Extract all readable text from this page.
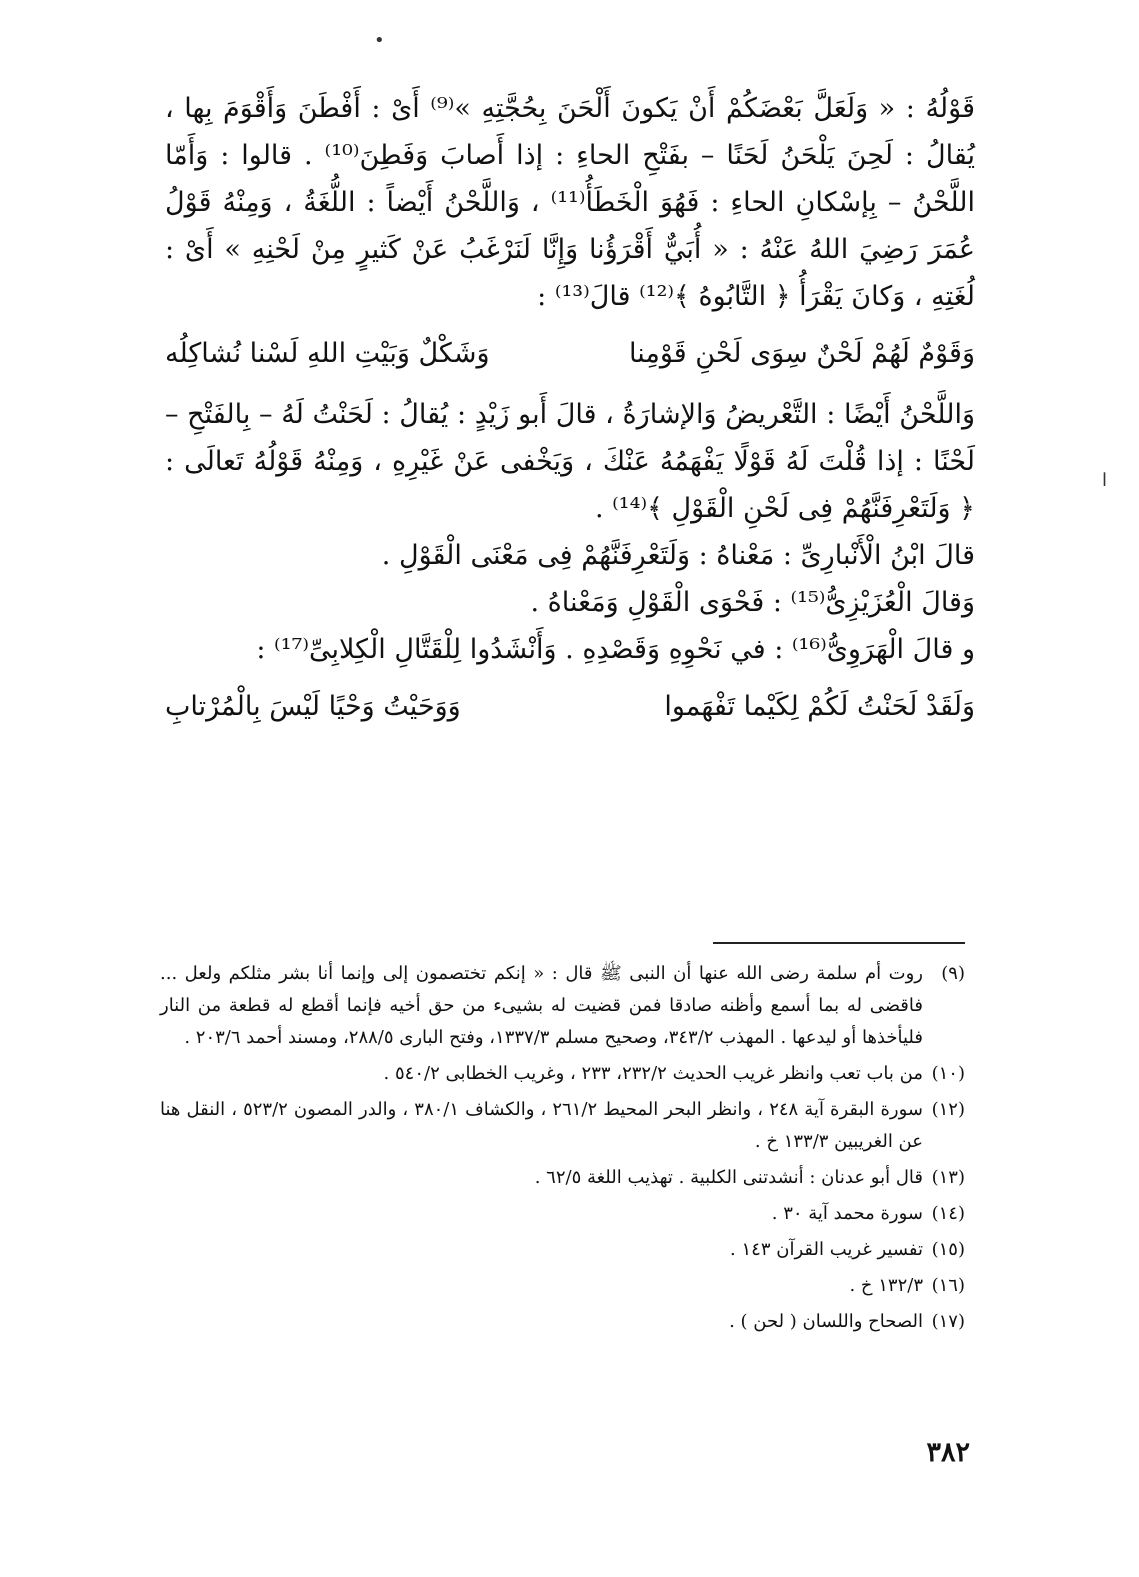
•
ا

قَوْلُهُ : « وَلَعَلَّ بَعْضَكُمْ أَنْ يَكونَ أَلْحَنَ بِحُجَّتِهِ »⁽⁹⁾ أَىْ : أَفْطَنَ وَأَقْوَمَ بِها ، يُقالُ : لَحِنَ يَلْحَنُ لَحَنًا – بفَتْحِ الحاءِ : إذا أَصابَ وَفَطِنَ⁽¹⁰⁾ . قالوا : وَأَمّا اللَّحْنُ – بِإسْكانِ الحاءِ : فَهُوَ الْخَطَأُ⁽¹¹⁾ ، وَاللَّحْنُ أَيْضاً : اللُّغَةُ ، وَمِنْهُ قَوْلُ عُمَرَ رَضِيَ اللهُ عَنْهُ : « أُبَيٌّ أَقْرَؤُنا وَإِنَّا لَنَرْغَبُ عَنْ كَثيرٍ مِنْ لَحْنِهِ » أَىْ : لُغَتِهِ ، وَكانَ يَقْرَأُ ﴿ التَّابُوهُ ﴾⁽¹²⁾ قالَ⁽¹³⁾ :

وَقَوْمٌ لَهُمْ لَحْنٌ سِوَى لَحْنِ قَوْمِنا
وَشَكْلٌ وَبَيْتِ اللهِ لَسْنا نُشاكِلُه

وَاللَّحْنُ أَيْضًا : التَّعْريضُ وَالإشارَةُ ، قالَ أَبو زَيْدٍ : يُقالُ : لَحَنْتُ لَهُ – بِالفَتْحِ – لَحْنًا : إذا قُلْتَ لَهُ قَوْلًا يَفْهَمُهُ عَنْكَ ، وَيَخْفى عَنْ غَيْرِهِ ، وَمِنْهُ قَوْلُهُ تَعالَى : ﴿ وَلَتَعْرِفَنَّهُمْ فِى لَحْنِ الْقَوْلِ ﴾⁽¹⁴⁾ .

قالَ ابْنُ الْأَنْبارِىِّ : مَعْناهُ : وَلَتَعْرِفَنَّهُمْ فِى مَعْنَى الْقَوْلِ .

وَقالَ الْعُزَيْزِىُّ⁽¹⁵⁾ : فَحْوَى الْقَوْلِ وَمَعْناهُ .

و قالَ الْهَرَوِىُّ⁽¹⁶⁾ : في نَحْوِهِ وَقَصْدِهِ . وَأَنْشَدُوا لِلْقَتَّالِ الْكِلابِىِّ⁽¹⁷⁾ :

وَلَقَدْ لَحَنْتُ لَكُمْ لِكَيْما تَفْهَموا
وَوَحَيْتُ وَحْيًا لَيْسَ بِالْمُرْتابِ
(٩)
روت أم سلمة رضى الله عنها أن النبى ﷺ قال : « إنكم تختصمون إلى وإنما أنا بشر مثلكم ولعل ... فاقضى له بما أسمع وأظنه صادقا فمن قضيت له بشيىء من حق أخيه فإنما أقطع له قطعة من النار فليأخذها أو ليدعها . المهذب ٣٤٣/٢، وصحيح مسلم ١٣٣٧/٣، وفتح البارى ٢٨٨/٥، ومسند أحمد ٢٠٣/٦ .
(١٠)
من باب تعب وانظر غريب الحديث ٢٣٢/٢، ٢٣٣ ، وغريب الخطابى ٥٤٠/٢ .
(١٢)
سورة البقرة آية ٢٤٨ ، وانظر البحر المحيط ٢٦١/٢ ، والكشاف ٣٨٠/١ ، والدر المصون ٥٢٣/٢ ، النقل هنا عن الغريبين ١٣٣/٣ خ .
(١٣)
قال أبو عدنان : أنشدتنى الكلبية . تهذيب اللغة ٦٢/٥ .
(١٤)
سورة محمد آية ٣٠ .
(١٥)
تفسير غريب القرآن ١٤٣ .
(١٦)
١٣٢/٣ خ .
(١٧)
الصحاح واللسان ( لحن ) .
٣٨٢
